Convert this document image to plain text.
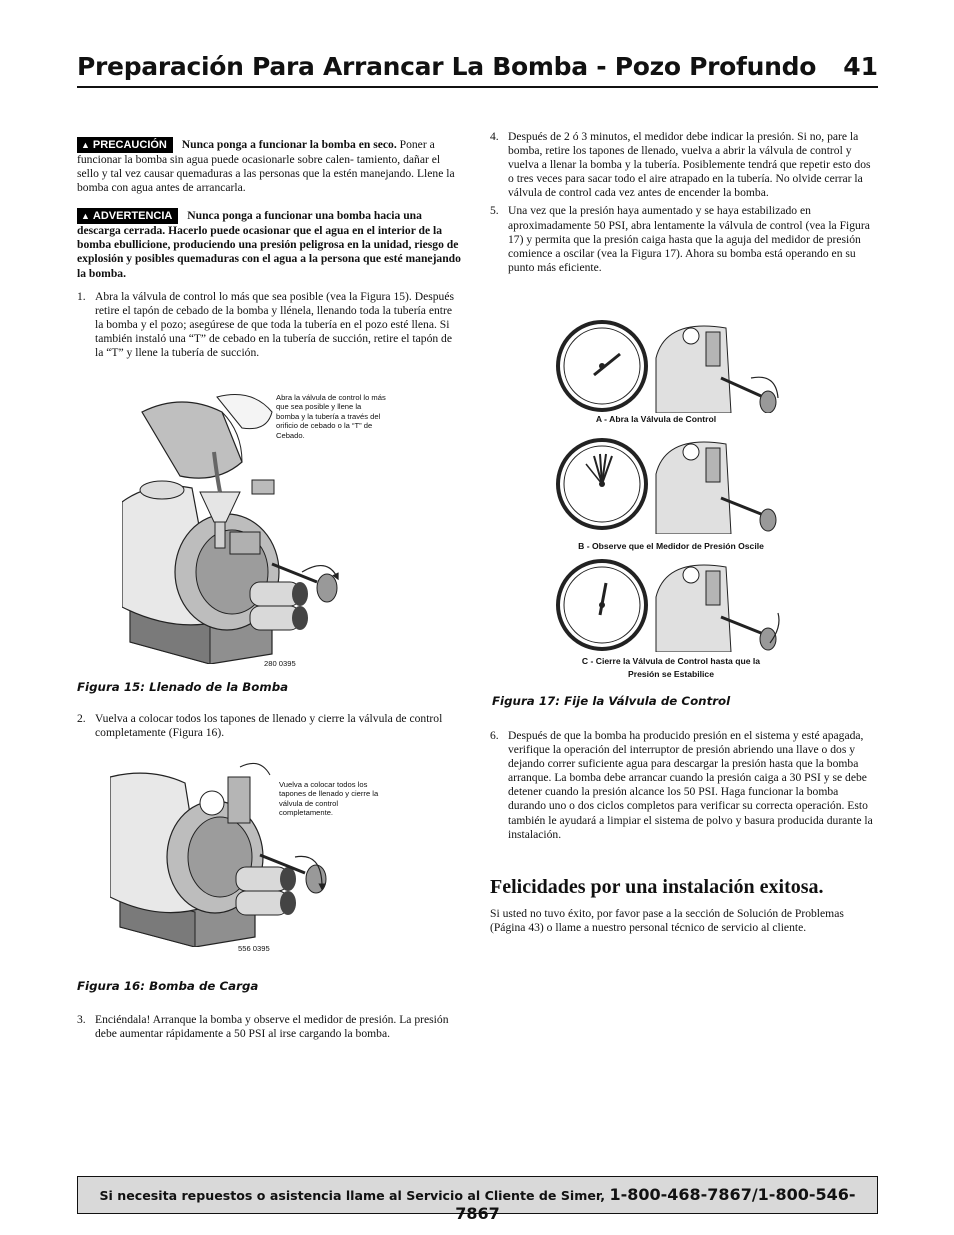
Preparación Para Arrancar La Bomba - Pozo Profundo 41
▲ PRECAUCIÓN Nunca ponga a funcionar la bomba en seco. Poner a funcionar la bomba sin agua puede ocasionarle sobre calen- tamiento, dañar el sello y tal vez causar quemaduras a las personas que la estén manejando. Llene la bomba con agua antes de arrancarla.
▲ ADVERTENCIA Nunca ponga a funcionar una bomba hacia una descarga cerrada. Hacerlo puede ocasionar que el agua en el interior de la bomba ebullicione, produciendo una presión peligrosa en la unidad, riesgo de explosión y posibles quemaduras con el agua a la persona que esté manejando la bomba.
1. Abra la válvula de control lo más que sea posible (vea la Figura 15). Después retire el tapón de cebado de la bomba y llénela, llenando toda la tubería entre la bomba y el pozo; asegúrese de que toda la tubería en el pozo esté llena. Si también instaló una “T” de cebado en la tubería de succión, retire el tapón de la “T” y llene la tubería de succión.
Abra la válvula de control lo más que sea posible y llene la bomba y la tubería a través del orificio de cebado o la “T” de Cebado.
280 0395
Figura 15: Llenado de la Bomba
2. Vuelva a colocar todos los tapones de llenado y cierre la válvula de control completamente (Figura 16).
Vuelva a colocar todos los tapones de llenado y cierre la válvula de control completamente.
556 0395
Figura 16: Bomba de Carga
3. Enciéndala! Arranque la bomba y observe el medidor de presión. La presión debe aumentar rápidamente a 50 PSI al irse cargando la bomba.
4. Después de 2 ó 3 minutos, el medidor debe indicar la presión. Si no, pare la bomba, retire los tapones de llenado, vuelva a abrir la válvula de control y vuelva a llenar la bomba y la tubería. Posiblemente tendrá que repetir esto dos o tres veces para sacar todo el aire atrapado en la tubería. No olvide cerrar la válvula de control cada vez antes de encender la bomba.
5. Una vez que la presión haya aumentado y se haya estabilizado en aproximadamente 50 PSI, abra lentamente la válvula de control (vea la Figura 17) y permita que la presión caiga hasta que la aguja del medidor de presión comience a oscilar (vea la Figura 17). Ahora su bomba está operando en su punto más eficiente.
A - Abra la Válvula de Control
B - Observe que el Medidor de Presión Oscile
C - Cierre la Válvula de Control hasta que la
Presión se Estabilice
Figura 17: Fije la Válvula de Control
6. Después de que la bomba ha producido presión en el sistema y esté apagada, verifique la operación del interruptor de presión abriendo una llave o dos y dejando correr suficiente agua para descargar la presión hasta que la bomba arranque. La bomba debe arrancar cuando la presión caiga a 30 PSI y se debe detener cuando la presión alcance los 50 PSI. Haga funcionar la bomba durando uno o dos ciclos completos para verificar su correcta operación. Esto también le ayudará a limpiar el sistema de polvo y basura producida durante la instalación.
Felicidades por una instalación exitosa.
Si usted no tuvo éxito, por favor pase a la sección de Solución de Problemas (Página 43) o llame a nuestro personal técnico de servicio al cliente.
$_{Si necesita repuestos o asistencia llame al Servicio al Cliente de Simer,}$ 1-800-468-7867/1-800-546-7867
